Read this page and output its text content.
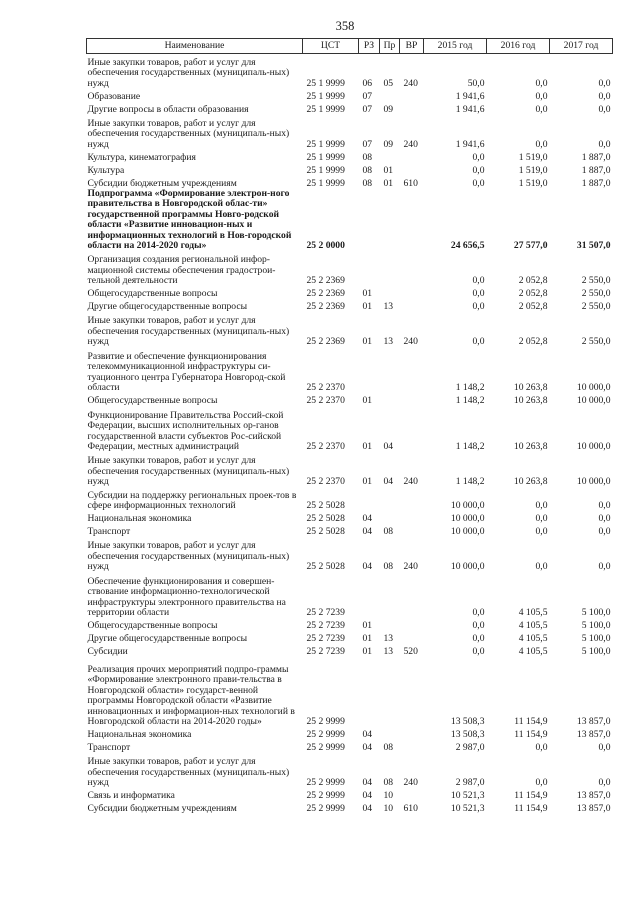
358
Наименование	ЦСТ	РЗ	Пр	ВР	2015 год	2016 год	2017 год
Иные закупки товаров, работ и услуг для обеспечения государственных (муниципаль-ных) нужд	25 1 9999	06	05	240	50,0	0,0	0,0
Образование	25 1 9999	07			1 941,6	0,0	0,0
Другие вопросы в области образования	25 1 9999	07	09		1 941,6	0,0	0,0
Иные закупки товаров, работ и услуг для обеспечения государственных (муниципаль-ных) нужд	25 1 9999	07	09	240	1 941,6	0,0	0,0
Культура, кинематография	25 1 9999	08			0,0	1 519,0	1 887,0
Культура	25 1 9999	08	01		0,0	1 519,0	1 887,0
Субсидии бюджетным учреждениям	25 1 9999	08	01	610	0,0	1 519,0	1 887,0
Подпрограмма «Формирование электрон-ного правительства в Новгородской облас-ти» государственной программы Новго-родской области «Развитие инновацион-ных и информационных технологий в Нов-городской области на 2014-2020 годы»	25 2 0000				24 656,5	27 577,0	31 507,0
Организация создания региональной инфор-мационной системы обеспечения градострои-тельной деятельности	25 2 2369				0,0	2 052,8	2 550,0
Общегосударственные вопросы	25 2 2369	01			0,0	2 052,8	2 550,0
Другие общегосударственные вопросы	25 2 2369	01	13		0,0	2 052,8	2 550,0
Иные закупки товаров, работ и услуг для обеспечения государственных (муниципаль-ных) нужд	25 2 2369	01	13	240	0,0	2 052,8	2 550,0
Развитие и обеспечение функционирования телекоммуникационной инфраструктуры си-туационного центра Губернатора Новгород-ской области	25 2 2370				1 148,2	10 263,8	10 000,0
Общегосударственные вопросы	25 2 2370	01			1 148,2	10 263,8	10 000,0
Функционирование Правительства Россий-ской Федерации, высших исполнительных ор-ганов государственной власти субъектов Рос-сийской Федерации, местных администраций	25 2 2370	01	04		1 148,2	10 263,8	10 000,0
Иные закупки товаров, работ и услуг для обеспечения государственных (муниципаль-ных) нужд	25 2 2370	01	04	240	1 148,2	10 263,8	10 000,0
Субсидии на поддержку региональных проек-тов в сфере информационных технологий	25 2 5028				10 000,0	0,0	0,0
Национальная экономика	25 2 5028	04			10 000,0	0,0	0,0
Транспорт	25 2 5028	04	08		10 000,0	0,0	0,0
Иные закупки товаров, работ и услуг для обеспечения государственных (муниципаль-ных) нужд	25 2 5028	04	08	240	10 000,0	0,0	0,0
Обеспечение функционирования и совершен-ствование информационно-технологической инфраструктуры электронного правительства на территории области	25 2 7239				0,0	4 105,5	5 100,0
Общегосударственные вопросы	25 2 7239	01			0,0	4 105,5	5 100,0
Другие общегосударственные вопросы	25 2 7239	01	13		0,0	4 105,5	5 100,0
Субсидии	25 2 7239	01	13	520	0,0	4 105,5	5 100,0
Реализация прочих мероприятий подпро-граммы «Формирование электронного прави-тельства в Новгородской области» государст-венной программы Новгородской области «Развитие инновационных и информацион-ных технологий в Новгородской области на 2014-2020 годы»	25 2 9999				13 508,3	11 154,9	13 857,0
Национальная экономика	25 2 9999	04			13 508,3	11 154,9	13 857,0
Транспорт	25 2 9999	04	08		2 987,0	0,0	0,0
Иные закупки товаров, работ и услуг для обеспечения государственных (муниципаль-ных) нужд	25 2 9999	04	08	240	2 987,0	0,0	0,0
Связь и информатика	25 2 9999	04	10		10 521,3	11 154,9	13 857,0
Субсидии бюджетным учреждениям	25 2 9999	04	10	610	10 521,3	11 154,9	13 857,0
